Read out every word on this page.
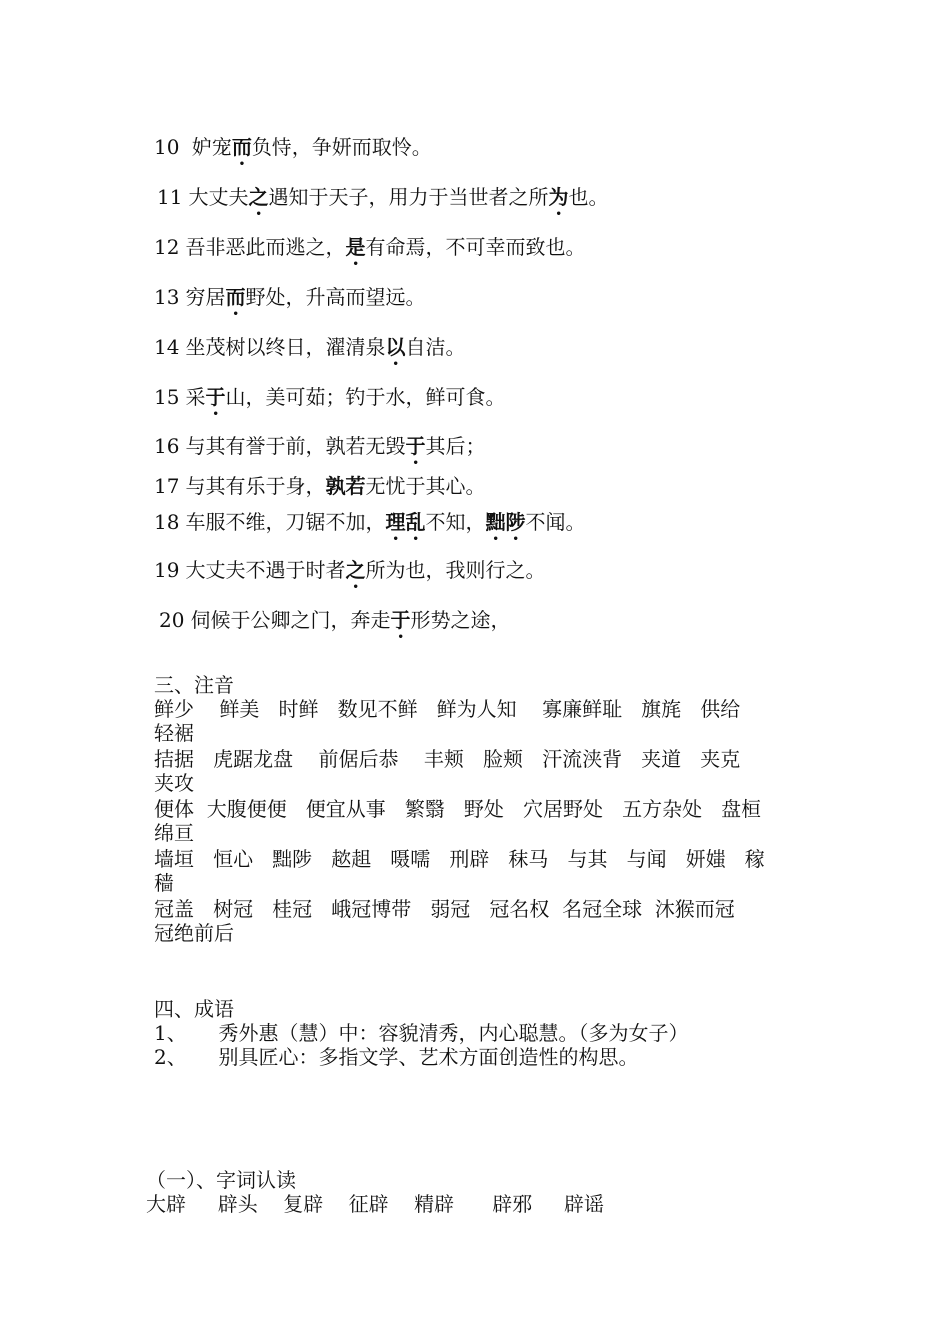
10 妒宠而负恃，争妍而取怜。
11 大丈夫之遇知于天子，用力于当世者之所为也。
12 吾非恶此而逃之，是有命焉，不可幸而致也。
13 穷居而野处，升高而望远。
14 坐茂树以终日，濯清泉以自洁。
15 采于山，美可茹；钓于水，鲜可食。
16 与其有誉于前，孰若无毁于其后；
17 与其有乐于身，孰若无忧于其心。
18 车服不维，刀锯不加，理乱不知，黜陟不闻。
19 大丈夫不遇于时者之所为也，我则行之。
20 伺候于公卿之门，奔走于形势之途，
三、注音
鲜少    鲜美   时鲜   数见不鲜   鲜为人知    寡廉鲜耻   旗旄   供给
轻裾
拮据   虎踞龙盘    前倨后恭    丰颊   脸颊   汗流浃背   夹道   夹克
夹攻
便体  大腹便便   便宜从事   繁翳   野处   穴居野处   五方杂处   盘桓
绵亘
墙垣   恒心   黜陟   趑趄   嗫嚅   刑辟   秣马   与其   与闻   妍媸   稼
穑
冠盖   树冠   桂冠   峨冠博带   弱冠   冠名权  名冠全球  沐猴而冠
冠绝前后
四、成语
1、     秀外惠（慧）中：容貌清秀，内心聪慧。（多为女子）
2、     别具匠心：多指文学、艺术方面创造性的构思。
（一）、字词认读
大辟     辟头    复辟    征辟    精辟      辟邪     辟谣
